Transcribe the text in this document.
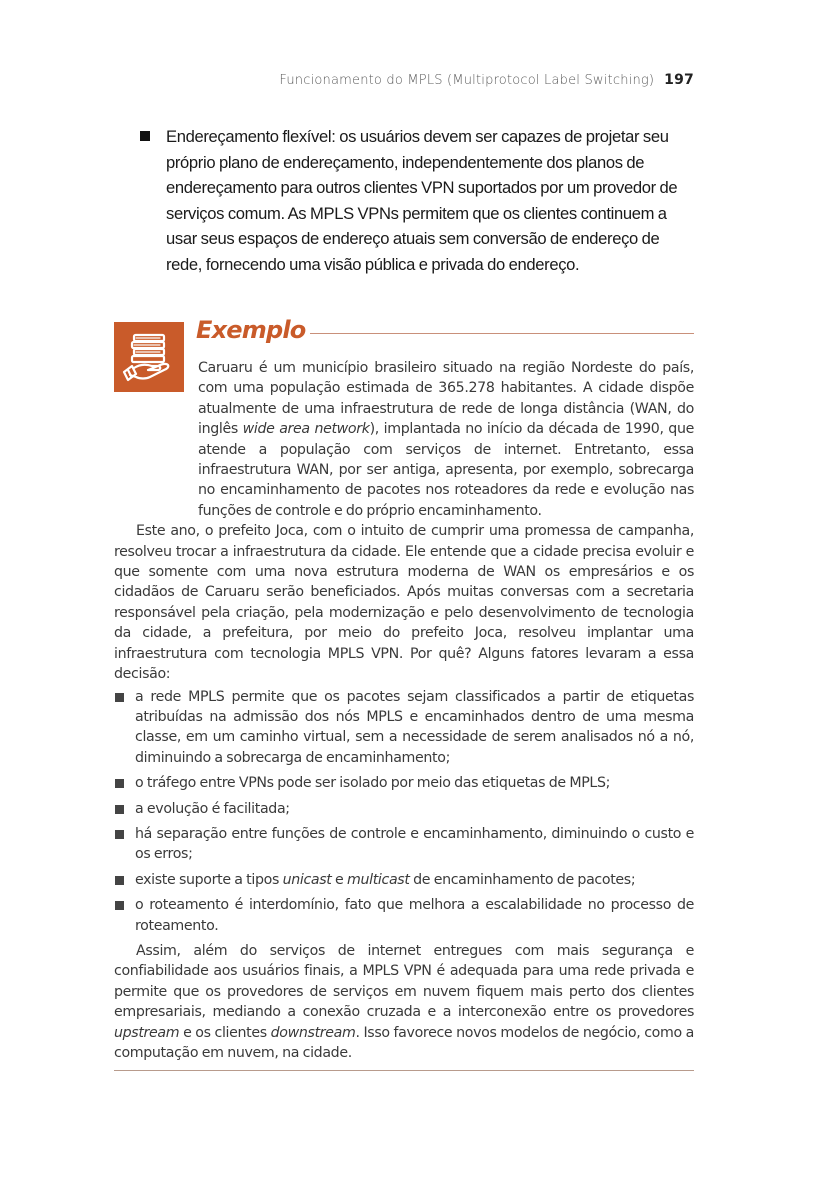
Funcionamento do MPLS (Multiprotocol Label Switching) 197
Endereçamento flexível: os usuários devem ser capazes de projetar seu próprio plano de endereçamento, independentemente dos planos de endereçamento para outros clientes VPN suportados por um provedor de serviços comum. As MPLS VPNs permitem que os clientes continuem a usar seus espaços de endereço atuais sem conversão de endereço de rede, fornecendo uma visão pública e privada do endereço.
Exemplo

Caruaru é um município brasileiro situado na região Nordeste do país, com uma população estimada de 365.278 habitantes. A cidade dispõe atualmente de uma infraestrutura de rede de longa distância (WAN, do inglês wide area network), implantada no início da década de 1990, que atende a população com serviços de internet. Entretanto, essa infraestrutura WAN, por ser antiga, apresenta, por exemplo, sobrecarga no encaminhamento de pacotes nos roteadores da rede e evolução nas funções de controle e do próprio encaminhamento.

Este ano, o prefeito Joca, com o intuito de cumprir uma promessa de campanha, resolveu trocar a infraestrutura da cidade. Ele entende que a cidade precisa evoluir e que somente com uma nova estrutura moderna de WAN os empresários e os cidadãos de Caruaru serão beneficiados. Após muitas conversas com a secretaria responsável pela criação, pela modernização e pelo desenvolvimento de tecnologia da cidade, a prefeitura, por meio do prefeito Joca, resolveu implantar uma infraestrutura com tecnologia MPLS VPN. Por quê? Alguns fatores levaram a essa decisão:

a rede MPLS permite que os pacotes sejam classificados a partir de etiquetas atribuídas na admissão dos nós MPLS e encaminhados dentro de uma mesma classe, em um caminho virtual, sem a necessidade de serem analisados nó a nó, diminuindo a sobrecarga de encaminhamento;
o tráfego entre VPNs pode ser isolado por meio das etiquetas de MPLS;
a evolução é facilitada;
há separação entre funções de controle e encaminhamento, diminuindo o custo e os erros;
existe suporte a tipos unicast e multicast de encaminhamento de pacotes;
o roteamento é interdomínio, fato que melhora a escalabilidade no processo de roteamento.

Assim, além do serviços de internet entregues com mais segurança e confiabilidade aos usuários finais, a MPLS VPN é adequada para uma rede privada e permite que os provedores de serviços em nuvem fiquem mais perto dos clientes empresariais, mediando a conexão cruzada e a interconexão entre os provedores upstream e os clientes downstream. Isso favorece novos modelos de negócio, como a computação em nuvem, na cidade.
